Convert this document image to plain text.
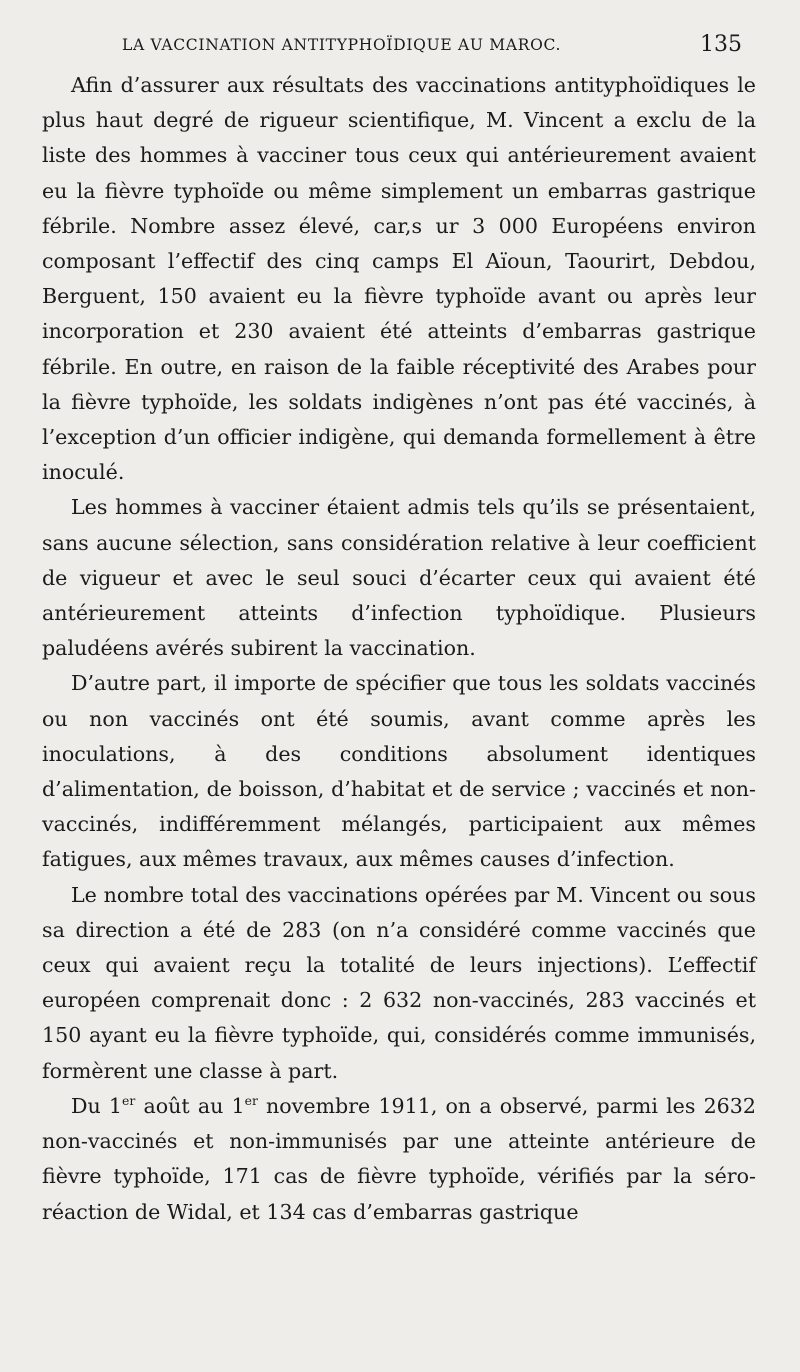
LA VACCINATION ANTITYPHOÏDIQUE AU MAROC.	135

Afin d’assurer aux résultats des vaccinations antityphoïdiques le plus haut degré de rigueur scientifique, M. Vincent a exclu de la liste des hommes à vacciner tous ceux qui antérieurement avaient eu la fièvre typhoïde ou même simplement un embarras gastrique fébrile. Nombre assez élevé, car,s ur 3 000 Européens environ composant l’effectif des cinq camps El Aïoun, Taourirt, Debdou, Berguent, 150 avaient eu la fièvre typhoïde avant ou après leur incorporation et 230 avaient été atteints d’embarras gastrique fébrile. En outre, en raison de la faible réceptivité des Arabes pour la fièvre typhoïde, les soldats indigènes n’ont pas été vaccinés, à l’exception d’un officier indigène, qui demanda formellement à être inoculé.

Les hommes à vacciner étaient admis tels qu’ils se présentaient, sans aucune sélection, sans considération relative à leur coefficient de vigueur et avec le seul souci d’écarter ceux qui avaient été antérieurement atteints d’infection typhoïdique. Plusieurs paludéens avérés subirent la vaccination.

D’autre part, il importe de spécifier que tous les soldats vaccinés ou non vaccinés ont été soumis, avant comme après les inoculations, à des conditions absolument identiques d’alimentation, de boisson, d’habitat et de service ; vaccinés et non-vaccinés, indifféremment mélangés, participaient aux mêmes fatigues, aux mêmes travaux, aux mêmes causes d’infection.

Le nombre total des vaccinations opérées par M. Vincent ou sous sa direction a été de 283 (on n’a considéré comme vaccinés que ceux qui avaient reçu la totalité de leurs injections). L’effectif européen comprenait donc : 2 632 non-vaccinés, 283 vaccinés et 150 ayant eu la fièvre typhoïde, qui, considérés comme immunisés, formèrent une classe à part.

Du 1er août au 1er novembre 1911, on a observé, parmi les 2632 non-vaccinés et non-immunisés par une atteinte antérieure de fièvre typhoïde, 171 cas de fièvre typhoïde, vérifiés par la séro-réaction de Widal, et 134 cas d’embarras gastrique
